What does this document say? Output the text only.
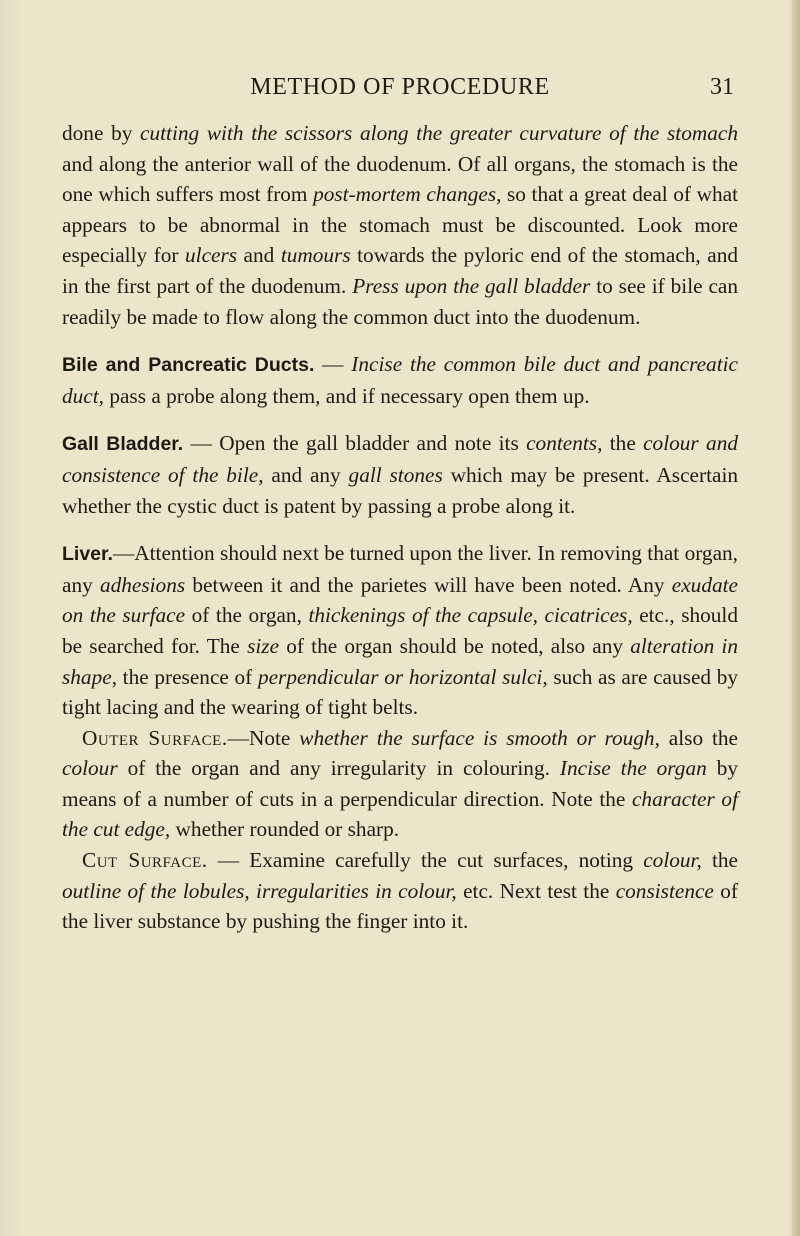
METHOD OF PROCEDURE	31

done by cutting with the scissors along the greater curvature of the stomach and along the anterior wall of the duodenum. Of all organs, the stomach is the one which suffers most from post-mortem changes, so that a great deal of what appears to be abnormal in the stomach must be discounted. Look more especially for ulcers and tumours towards the pyloric end of the stomach, and in the first part of the duodenum. Press upon the gall bladder to see if bile can readily be made to flow along the common duct into the duodenum.

Bile and Pancreatic Ducts. — Incise the common bile duct and pancreatic duct, pass a probe along them, and if necessary open them up.

Gall Bladder. — Open the gall bladder and note its contents, the colour and consistence of the bile, and any gall stones which may be present. Ascertain whether the cystic duct is patent by passing a probe along it.

Liver.—Attention should next be turned upon the liver. In removing that organ, any adhesions between it and the parietes will have been noted. Any exudate on the surface of the organ, thickenings of the capsule, cicatrices, etc., should be searched for. The size of the organ should be noted, also any alteration in shape, the presence of perpendicular or horizontal sulci, such as are caused by tight lacing and the wearing of tight belts.

Outer Surface.—Note whether the surface is smooth or rough, also the colour of the organ and any irregularity in colouring. Incise the organ by means of a number of cuts in a perpendicular direction. Note the character of the cut edge, whether rounded or sharp.

Cut Surface. — Examine carefully the cut surfaces, noting colour, the outline of the lobules, irregularities in colour, etc. Next test the consistence of the liver substance by pushing the finger into it.
